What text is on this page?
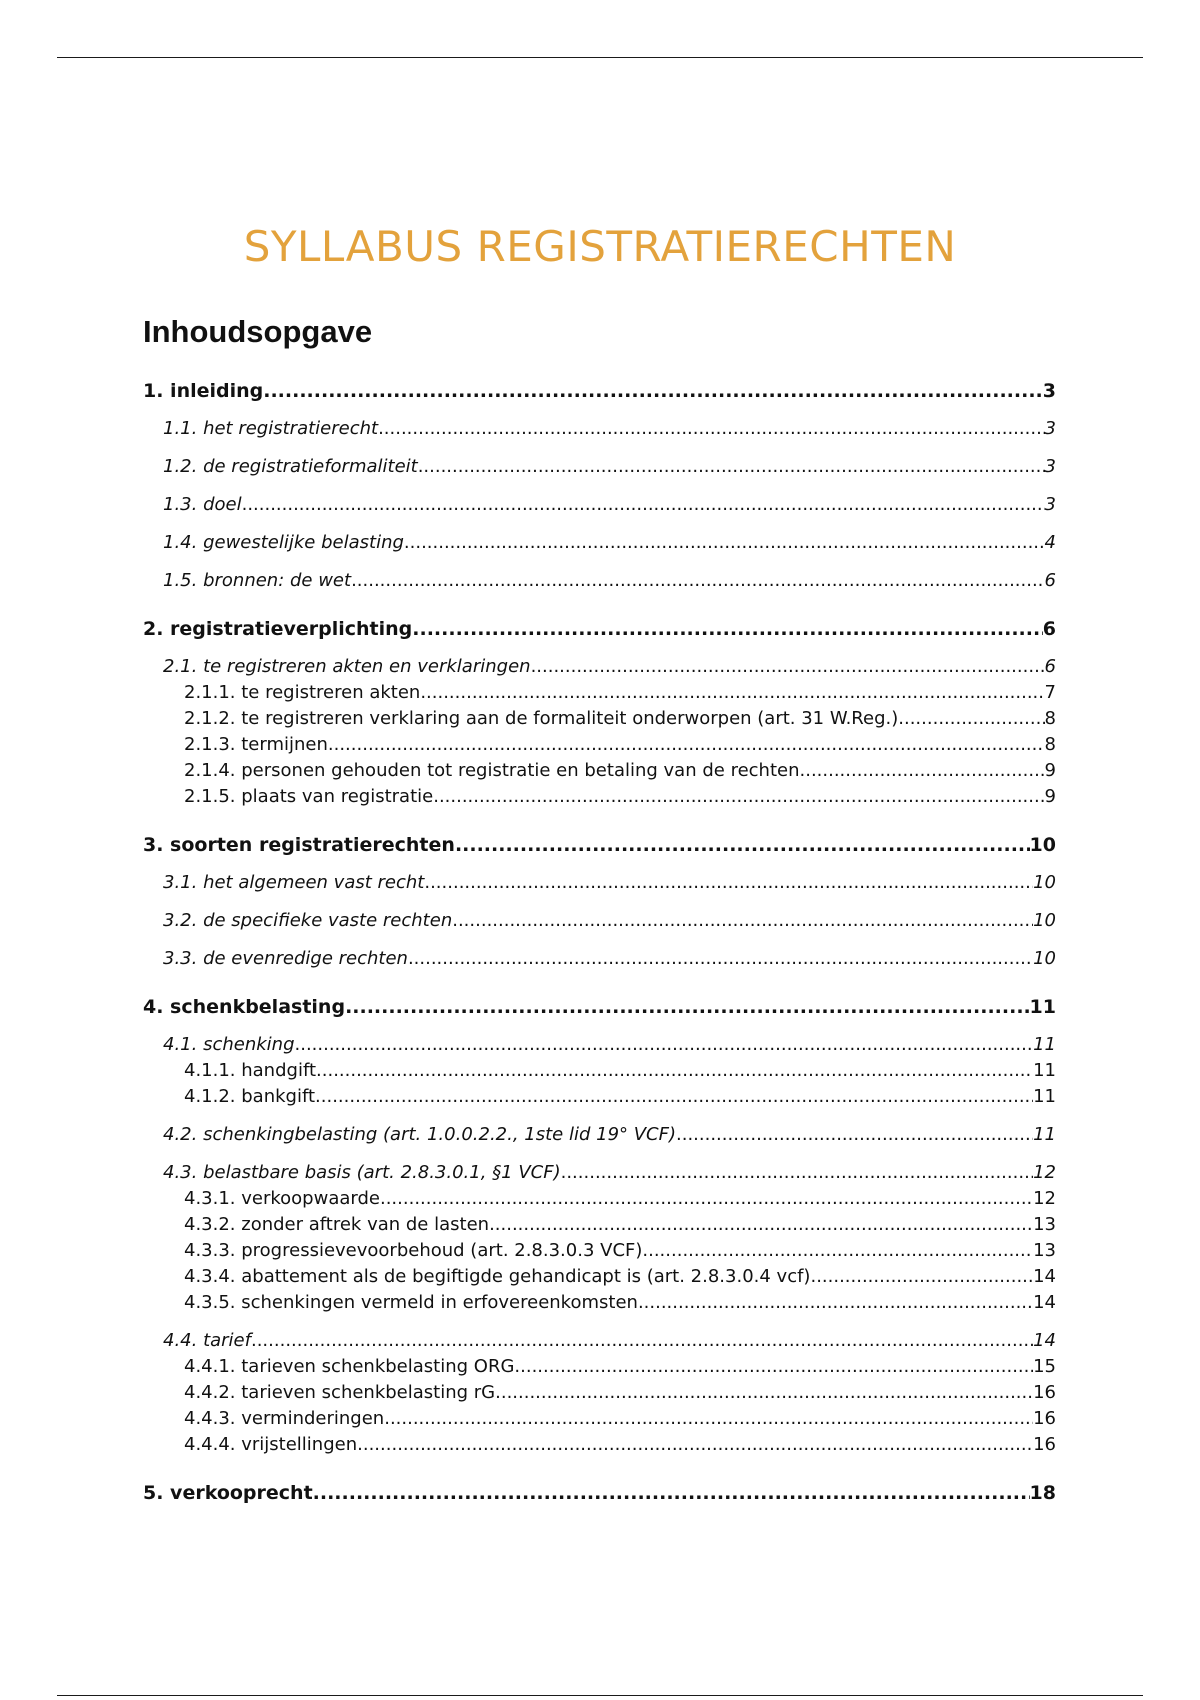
SYLLABUS REGISTRATIERECHTEN
Inhoudsopgave
1. inleiding .....	3
1.1. het registratierecht .....	3
1.2. de registratieformaliteit .....	3
1.3. doel .....	3
1.4. gewestelijke belasting .....	4
1.5. bronnen: de wet .....	6
2. registratieverplichting .....	6
2.1. te registreren akten en verklaringen .....	6
2.1.1. te registreren akten .....	7
2.1.2. te registreren verklaring aan de formaliteit onderworpen (art. 31 W.Reg.) .....	8
2.1.3. termijnen .....	8
2.1.4. personen gehouden tot registratie en betaling van de rechten .....	9
2.1.5. plaats van registratie .....	9
3. soorten registratierechten .....	10
3.1. het algemeen vast recht .....	10
3.2. de specifieke vaste rechten .....	10
3.3. de evenredige rechten .....	10
4. schenkbelasting .....	11
4.1. schenking .....	11
4.1.1. handgift .....	11
4.1.2. bankgift .....	11
4.2. schenkingbelasting (art. 1.0.0.2.2., 1ste lid 19° VCF) .....	11
4.3. belastbare basis (art. 2.8.3.0.1, §1 VCF) .....	12
4.3.1. verkoopwaarde .....	12
4.3.2. zonder aftrek van de lasten .....	13
4.3.3. progressievevoorbehoud (art. 2.8.3.0.3 VCF) .....	13
4.3.4. abattement als de begiftigde gehandicapt is (art. 2.8.3.0.4 vcf) .....	14
4.3.5. schenkingen vermeld in erfovereenkomsten .....	14
4.4. tarief .....	14
4.4.1. tarieven schenkbelasting ORG .....	15
4.4.2. tarieven schenkbelasting rG .....	16
4.4.3. verminderingen .....	16
4.4.4. vrijstellingen .....	16
5. verkooprecht .....	18
